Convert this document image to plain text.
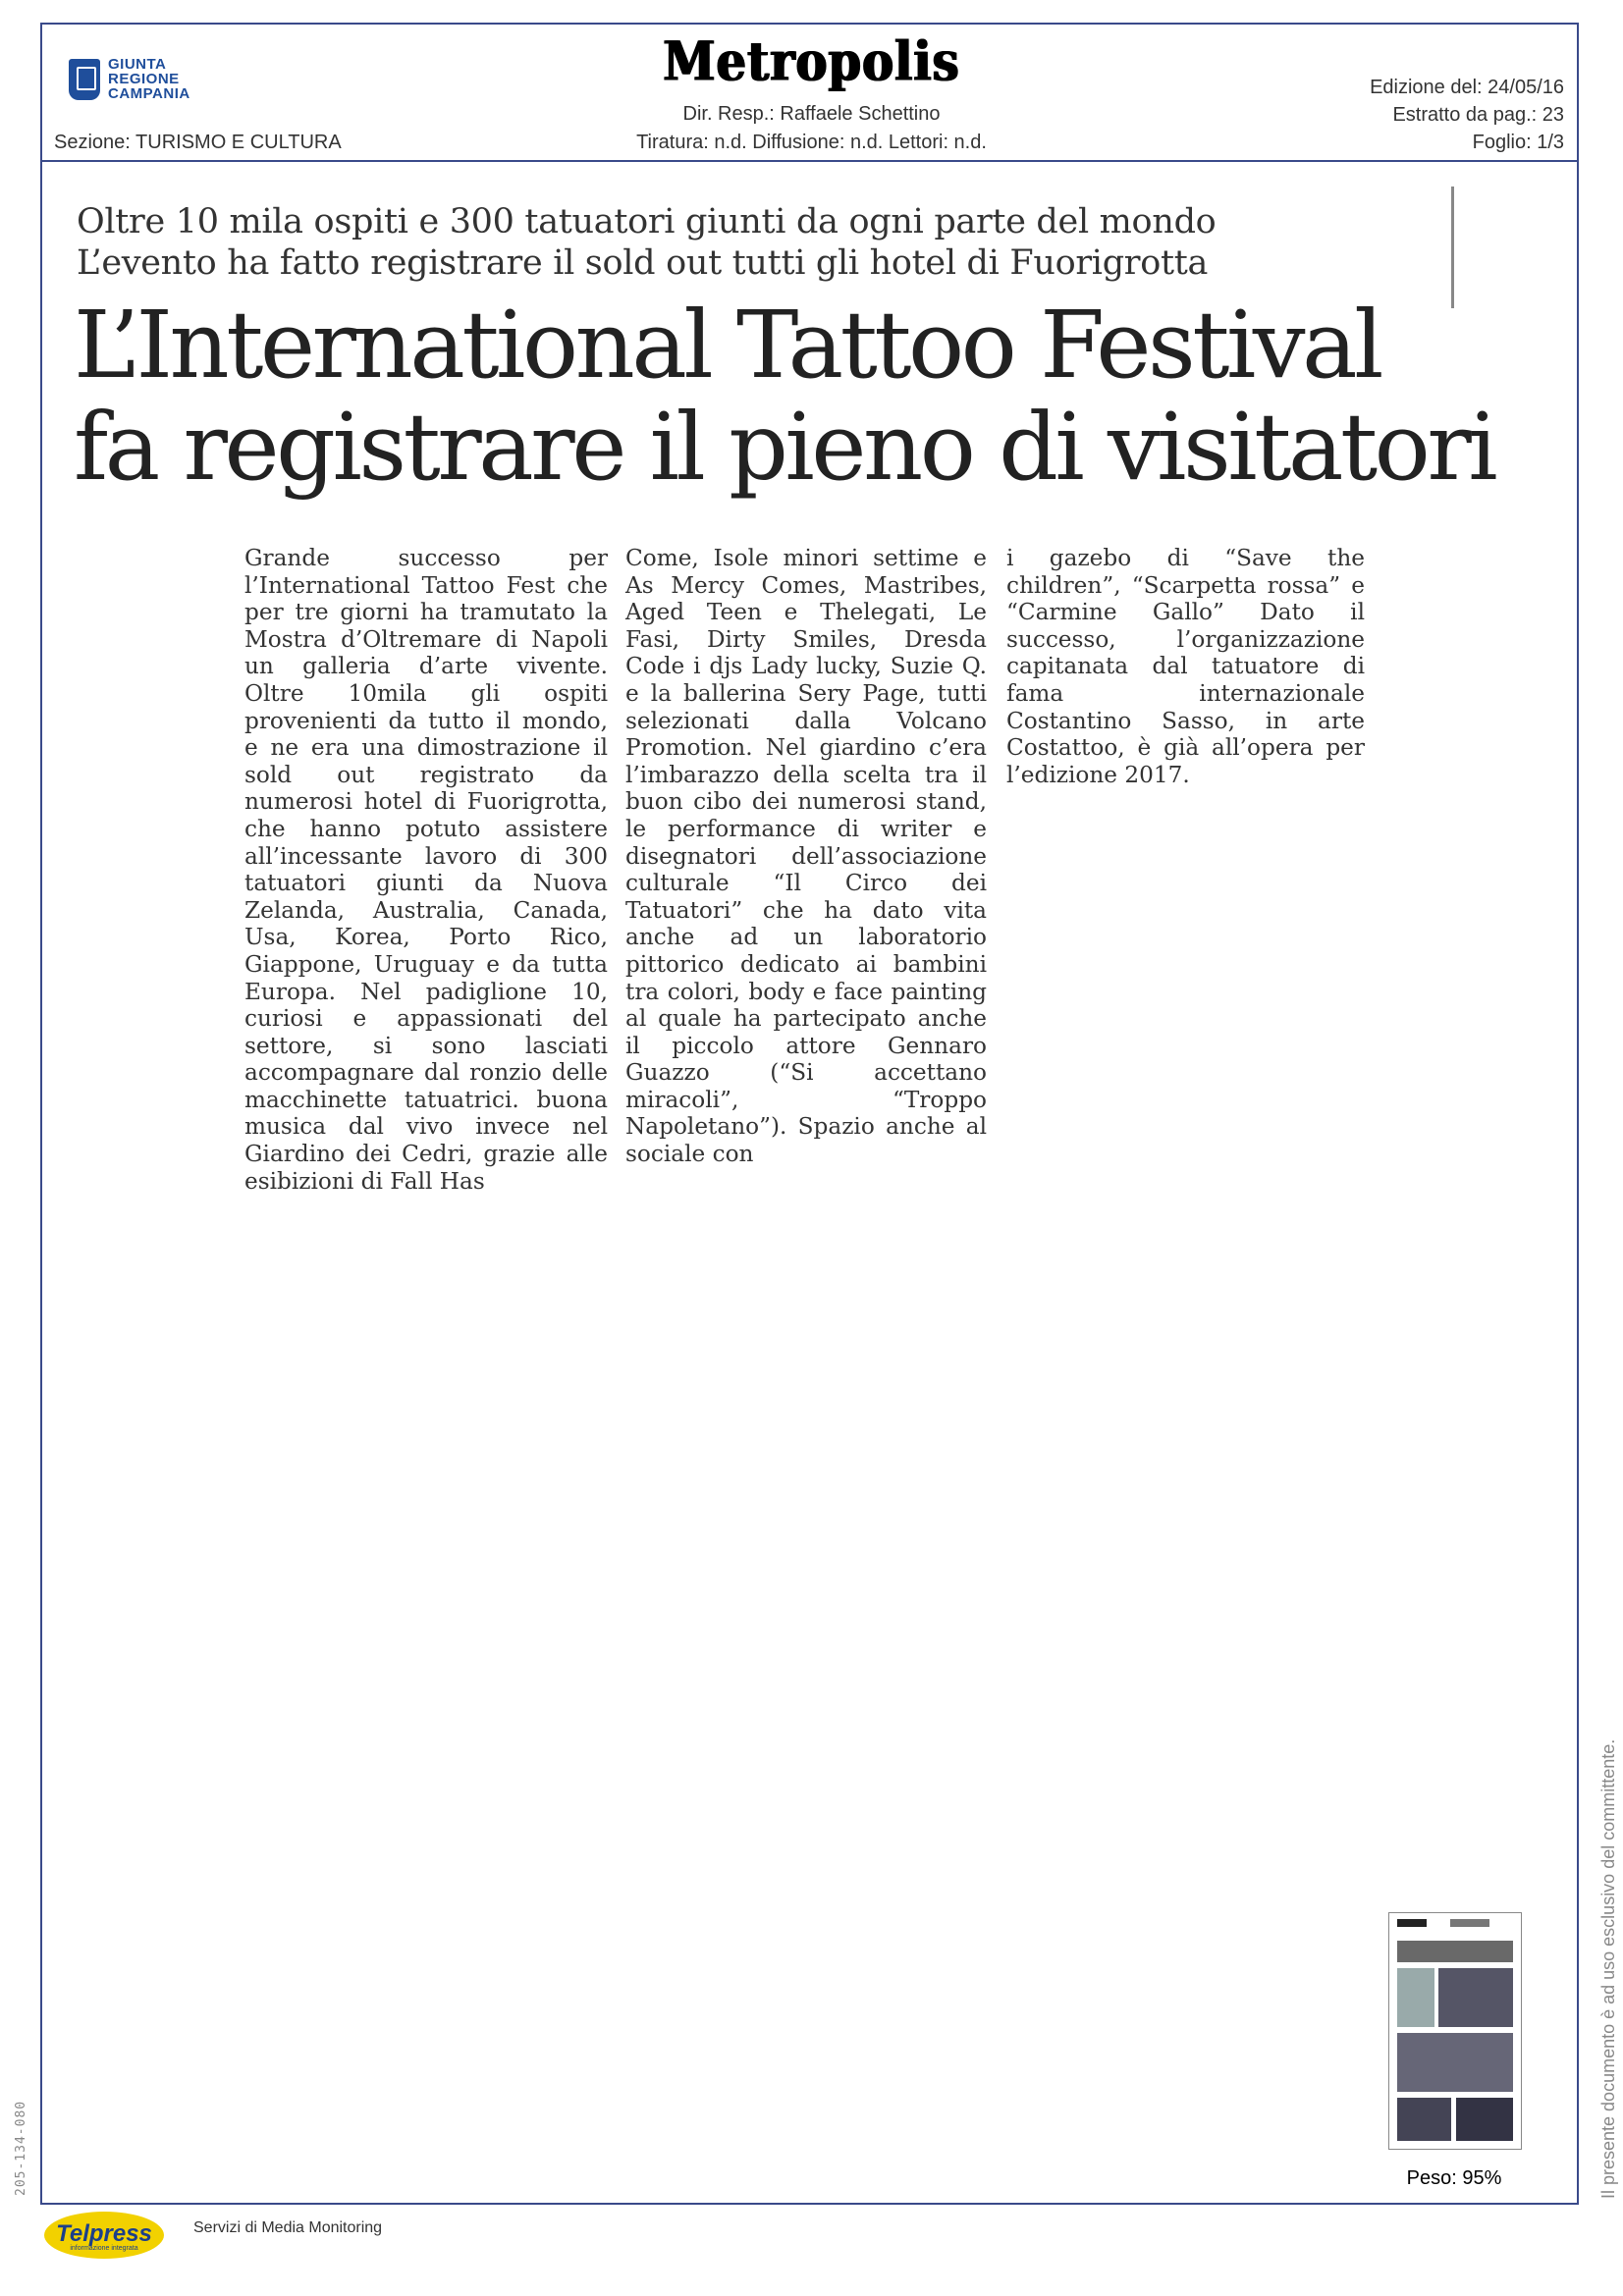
GIUNTA
REGIONE
CAMPANIA
Metropolis
Dir. Resp.: Raffaele Schettino
Tiratura: n.d. Diffusione: n.d. Lettori: n.d.
Sezione: TURISMO E CULTURA
Edizione del: 24/05/16
Estratto da pag.: 23
Foglio: 1/3
Oltre 10 mila ospiti e 300 tatuatori giunti da ogni parte del mondo
L’evento ha fatto registrare il sold out tutti gli hotel di Fuorigrotta
L’International Tattoo Festival
fa registrare il pieno di visitatori

Grande successo per l’International Tattoo Fest che per tre giorni ha tramutato la Mostra d’Oltremare di Napoli un galleria d’arte vivente. Oltre 10mila gli ospiti provenienti da tutto il mondo, e ne era una dimostrazione il sold out registrato da numerosi hotel di Fuorigrotta, che hanno potuto assistere all’incessante lavoro di 300 tatuatori giunti da Nuova Zelanda, Australia, Canada, Usa, Korea, Porto Rico, Giappone, Uruguay e da tutta Europa. Nel padiglione 10, curiosi e appassionati del settore, si sono lasciati accompagnare dal ronzio delle macchinette tatuatrici. buona musica dal vivo invece nel Giardino dei Cedri, grazie alle esibizioni di Fall Has

Come, Isole minori settime e As Mercy Comes, Mastribes, Aged Teen e Thelegati, Le Fasi, Dirty Smiles, Dresda Code i djs Lady lucky, Suzie Q. e la ballerina Sery Page, tutti selezionati dalla Volcano Promotion. Nel giardino c’era l’imbarazzo della scelta tra il buon cibo dei numerosi stand, le performance di writer e disegnatori dell’associazione culturale “Il Circo dei Tatuatori” che ha dato vita anche ad un laboratorio pittorico dedicato ai bambini tra colori, body e face painting al quale ha partecipato anche il piccolo attore Gennaro Guazzo (“Si accettano miracoli”, “Troppo Napoletano”). Spazio anche al sociale con

i gazebo di “Save the children”, “Scarpetta rossa” e “Carmine Gallo” Dato il successo, l’organizzazione capitanata dal tatuatore di fama internazionale Costantino Sasso, in arte Costattoo, è già all’opera per l’edizione 2017.

Peso: 95%	Il presente documento è ad uso esclusivo del committente.
205-134-080
Telpress
informazione integrata
Servizi di Media Monitoring
